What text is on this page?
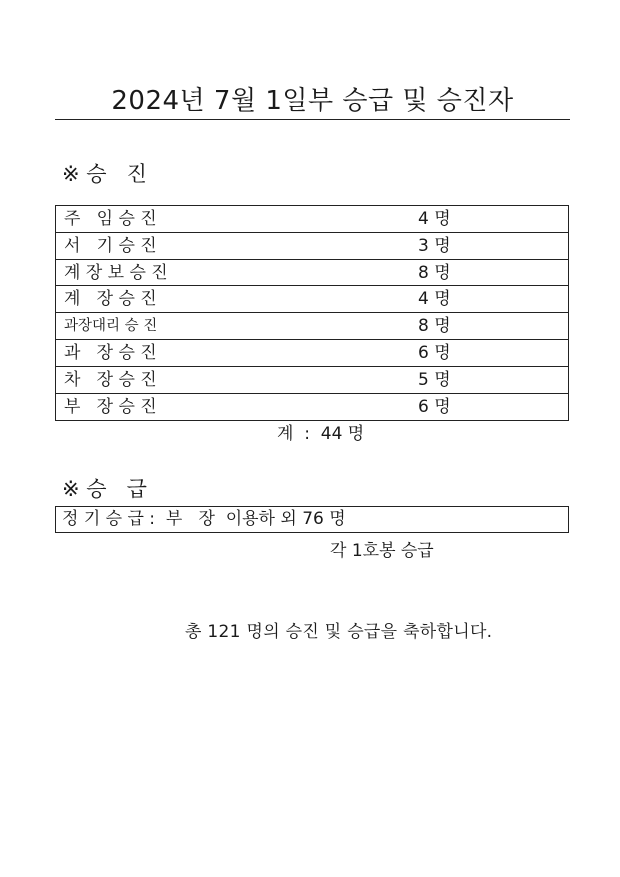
2024년 7월 1일부 승급 및 승진자
※ 승   진
주   임 승 진	4 명
서   기 승 진	3 명
계 장 보 승 진	8 명
계   장 승 진	4 명
과장대리 승 진	8 명
과   장 승 진	6 명
차   장 승 진	5 명
부   장 승 진	6 명
계  :  44 명
※ 승   급
정 기 승 급 :  부   장  이용하 외 76 명
각 1호봉 승급
총 121 명의 승진 및 승급을 축하합니다.
